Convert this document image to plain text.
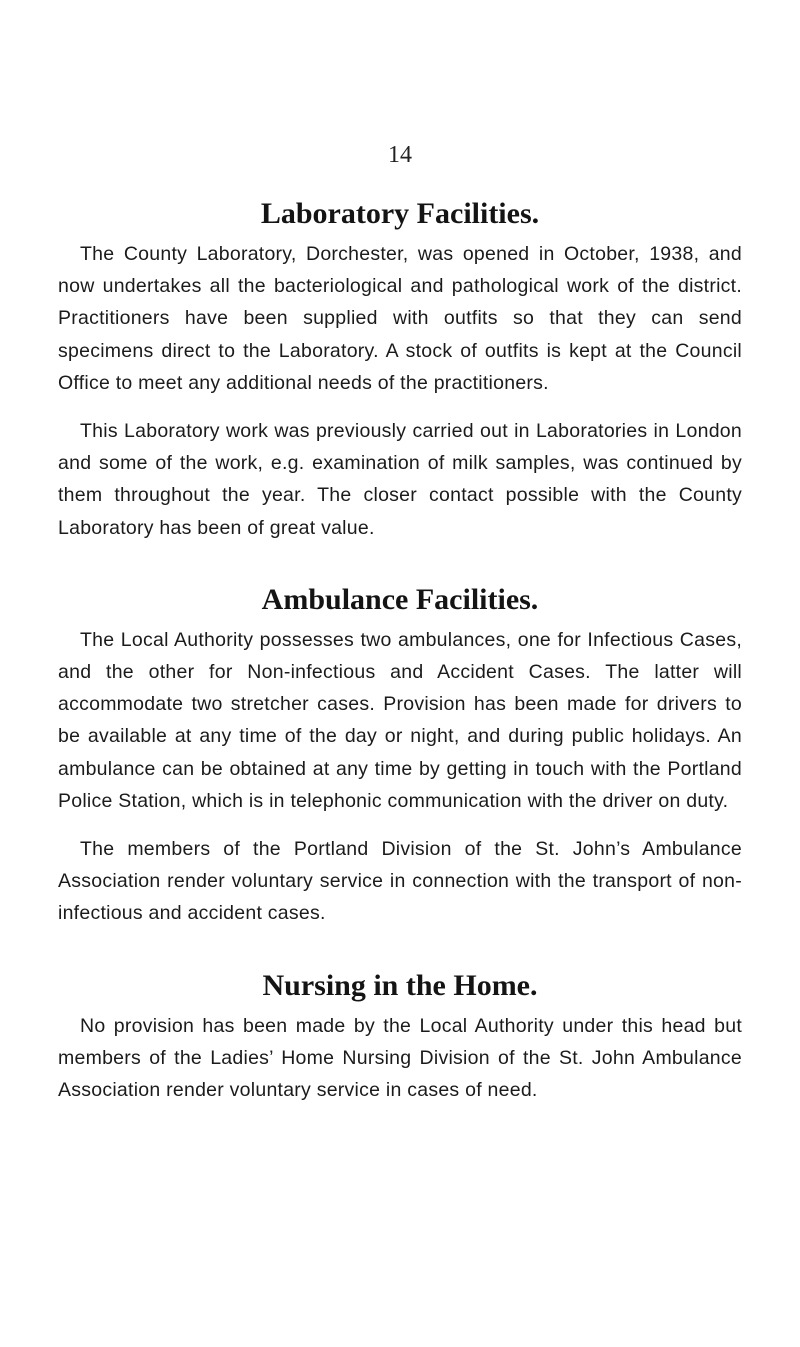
14
Laboratory Facilities.

The County Laboratory, Dorchester, was opened in October, 1938, and now undertakes all the bacteriological and pathological work of the district. Practitioners have been supplied with outfits so that they can send specimens direct to the Laboratory. A stock of outfits is kept at the Council Office to meet any additional needs of the practitioners.

This Laboratory work was previously carried out in Laboratories in London and some of the work, e.g. examination of milk samples, was continued by them throughout the year. The closer contact possible with the County Laboratory has been of great value.

Ambulance Facilities.

The Local Authority possesses two ambulances, one for Infectious Cases, and the other for Non-infectious and Accident Cases. The latter will accommodate two stretcher cases. Provision has been made for drivers to be available at any time of the day or night, and during public holidays. An ambulance can be obtained at any time by getting in touch with the Portland Police Station, which is in telephonic communication with the driver on duty.

The members of the Portland Division of the St. John’s Ambulance Association render voluntary service in connection with the transport of non-infectious and accident cases.

Nursing in the Home.

No provision has been made by the Local Authority under this head but members of the Ladies’ Home Nursing Division of the St. John Ambulance Association render voluntary service in cases of need.
